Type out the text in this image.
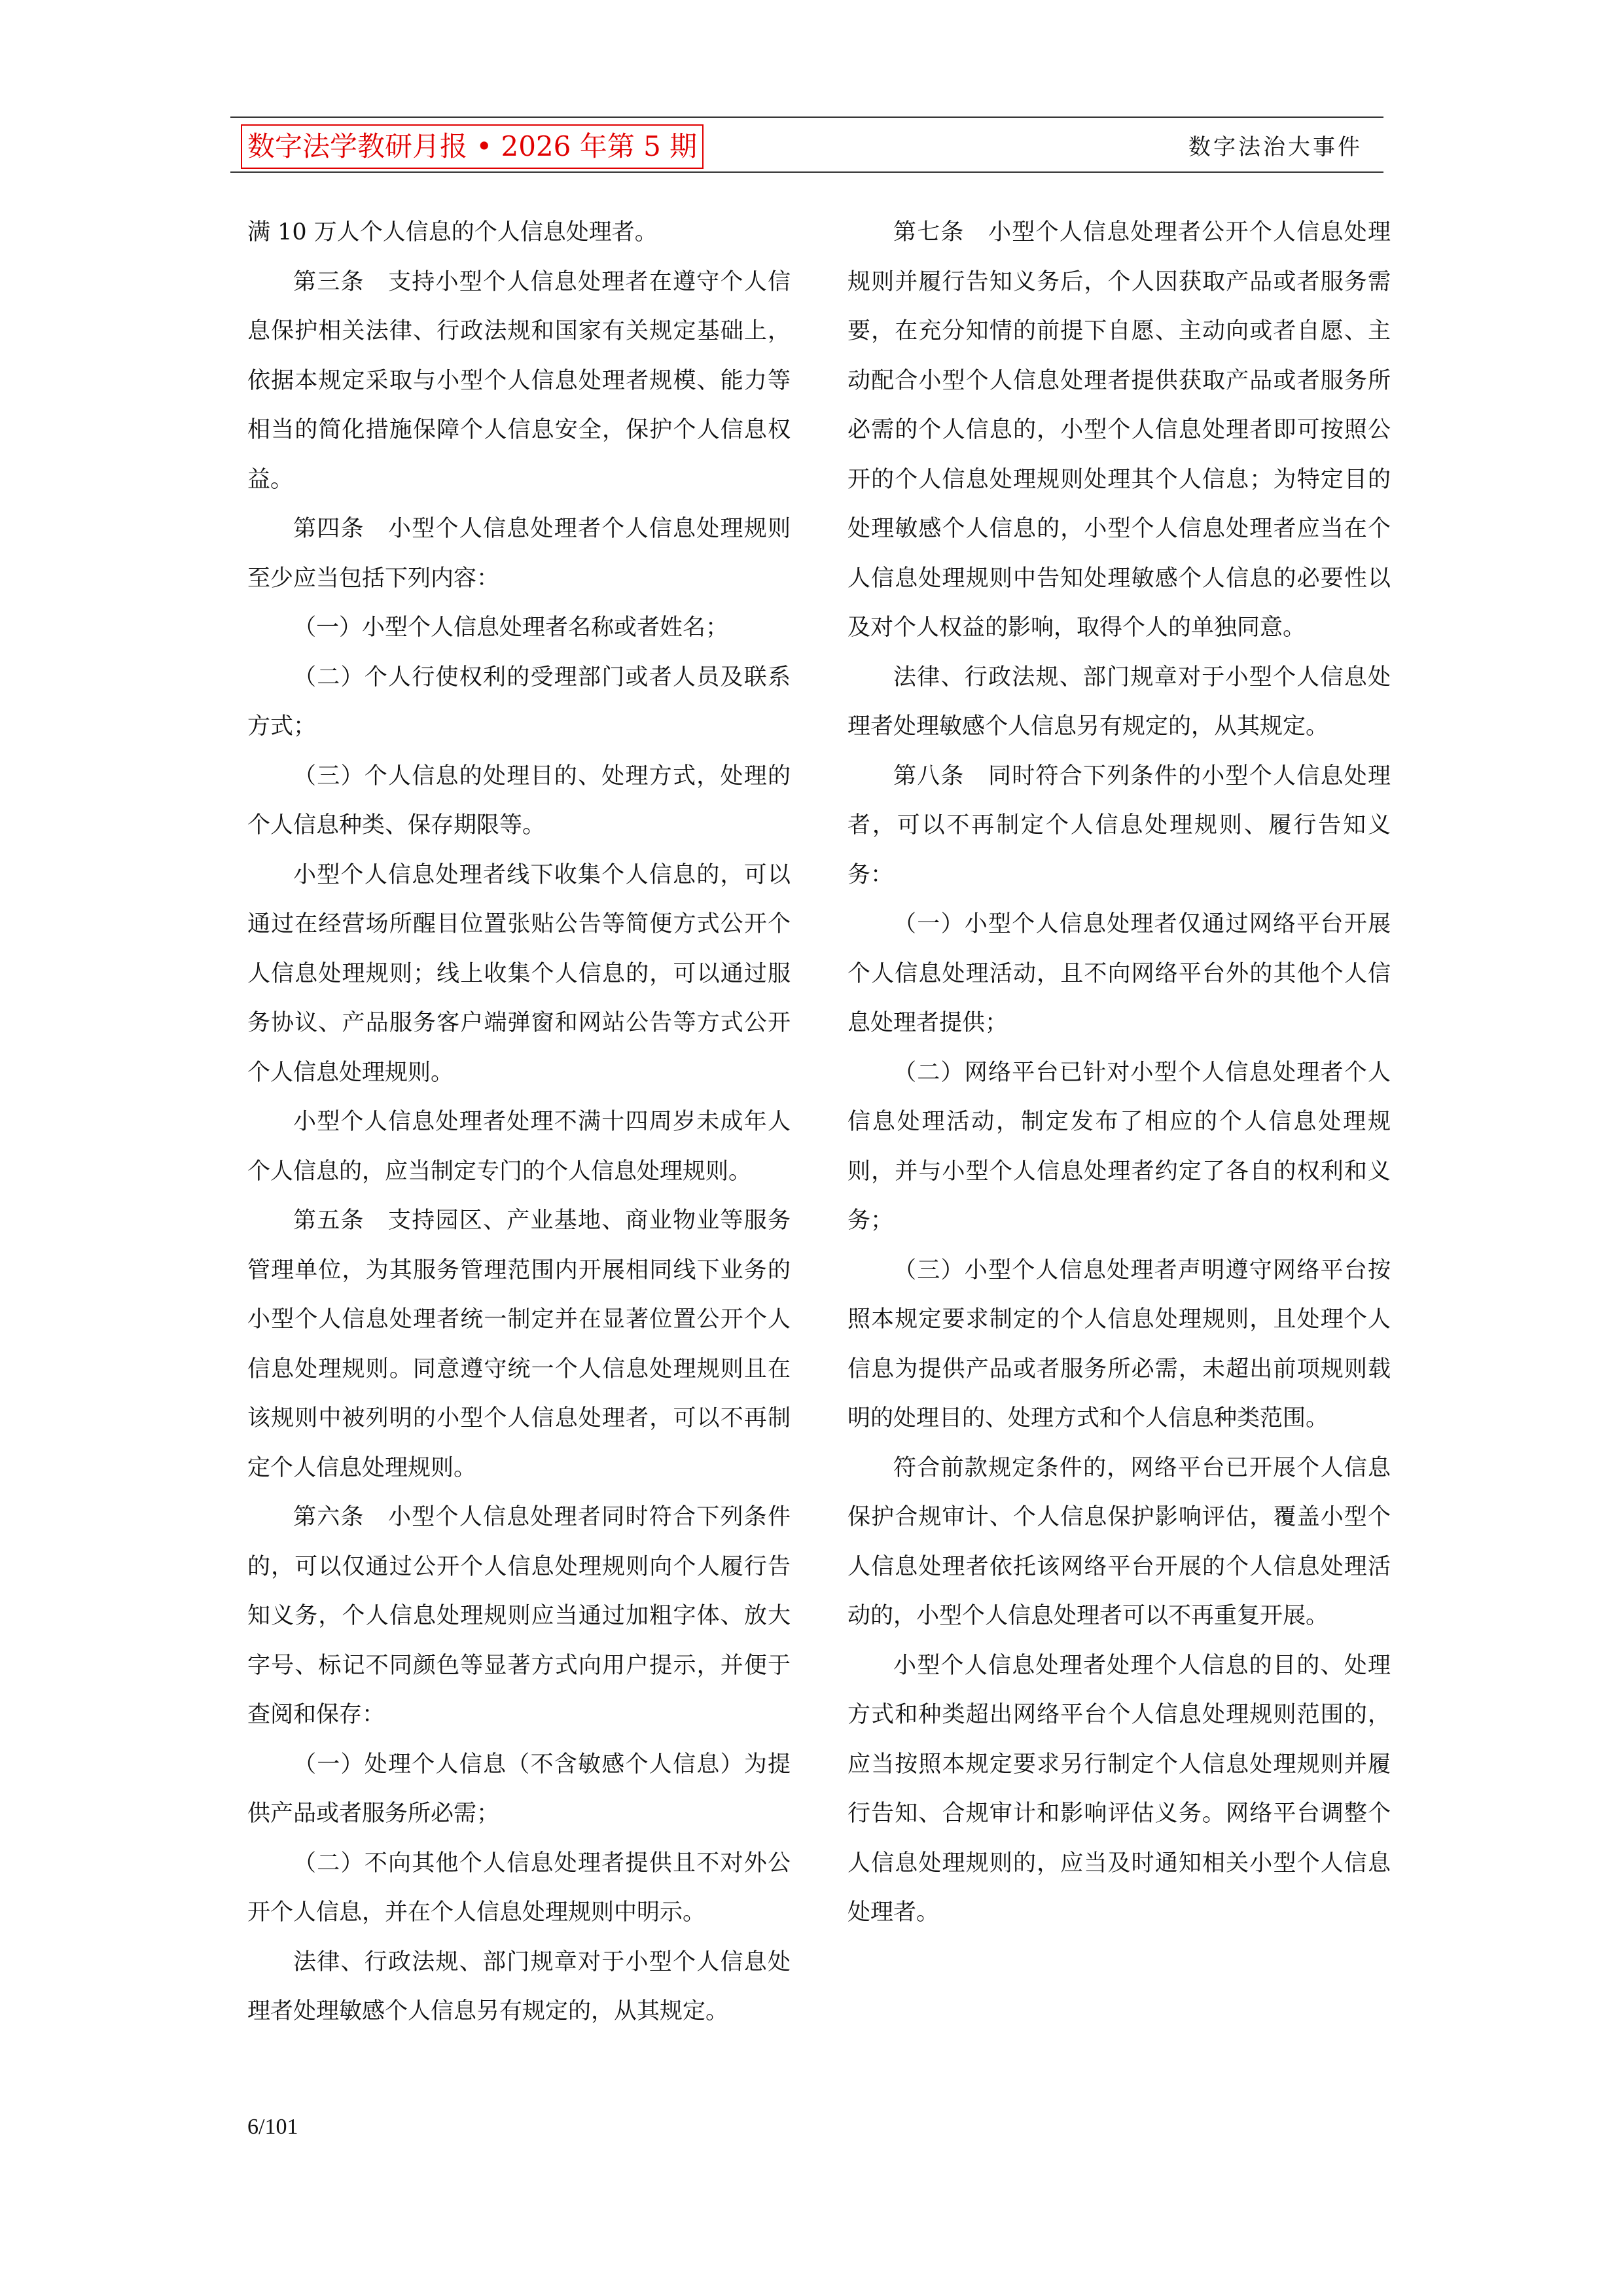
数字法学教研月报 • 2026 年第 5 期	数字法治大事件

满 10 万人个人信息的个人信息处理者。

第三条　支持小型个人信息处理者在遵守个人信息保护相关法律、行政法规和国家有关规定基础上，依据本规定采取与小型个人信息处理者规模、能力等相当的简化措施保障个人信息安全，保护个人信息权益。

第四条　小型个人信息处理者个人信息处理规则至少应当包括下列内容：

（一）小型个人信息处理者名称或者姓名；

（二）个人行使权利的受理部门或者人员及联系方式；

（三）个人信息的处理目的、处理方式，处理的个人信息种类、保存期限等。

小型个人信息处理者线下收集个人信息的，可以通过在经营场所醒目位置张贴公告等简便方式公开个人信息处理规则；线上收集个人信息的，可以通过服务协议、产品服务客户端弹窗和网站公告等方式公开个人信息处理规则。

小型个人信息处理者处理不满十四周岁未成年人个人信息的，应当制定专门的个人信息处理规则。

第五条　支持园区、产业基地、商业物业等服务管理单位，为其服务管理范围内开展相同线下业务的小型个人信息处理者统一制定并在显著位置公开个人信息处理规则。同意遵守统一个人信息处理规则且在该规则中被列明的小型个人信息处理者，可以不再制定个人信息处理规则。

第六条　小型个人信息处理者同时符合下列条件的，可以仅通过公开个人信息处理规则向个人履行告知义务，个人信息处理规则应当通过加粗字体、放大字号、标记不同颜色等显著方式向用户提示，并便于查阅和保存：

（一）处理个人信息（不含敏感个人信息）为提供产品或者服务所必需；

（二）不向其他个人信息处理者提供且不对外公开个人信息，并在个人信息处理规则中明示。

法律、行政法规、部门规章对于小型个人信息处理者处理敏感个人信息另有规定的，从其规定。

第七条　小型个人信息处理者公开个人信息处理规则并履行告知义务后，个人因获取产品或者服务需要，在充分知情的前提下自愿、主动向或者自愿、主动配合小型个人信息处理者提供获取产品或者服务所必需的个人信息的，小型个人信息处理者即可按照公开的个人信息处理规则处理其个人信息；为特定目的处理敏感个人信息的，小型个人信息处理者应当在个人信息处理规则中告知处理敏感个人信息的必要性以及对个人权益的影响，取得个人的单独同意。

法律、行政法规、部门规章对于小型个人信息处理者处理敏感个人信息另有规定的，从其规定。

第八条　同时符合下列条件的小型个人信息处理者，可以不再制定个人信息处理规则、履行告知义务：

（一）小型个人信息处理者仅通过网络平台开展个人信息处理活动，且不向网络平台外的其他个人信息处理者提供；

（二）网络平台已针对小型个人信息处理者个人信息处理活动，制定发布了相应的个人信息处理规则，并与小型个人信息处理者约定了各自的权利和义务；

（三）小型个人信息处理者声明遵守网络平台按照本规定要求制定的个人信息处理规则，且处理个人信息为提供产品或者服务所必需，未超出前项规则载明的处理目的、处理方式和个人信息种类范围。

符合前款规定条件的，网络平台已开展个人信息保护合规审计、个人信息保护影响评估，覆盖小型个人信息处理者依托该网络平台开展的个人信息处理活动的，小型个人信息处理者可以不再重复开展。

小型个人信息处理者处理个人信息的目的、处理方式和种类超出网络平台个人信息处理规则范围的，应当按照本规定要求另行制定个人信息处理规则并履行告知、合规审计和影响评估义务。网络平台调整个人信息处理规则的，应当及时通知相关小型个人信息处理者。

6/101
